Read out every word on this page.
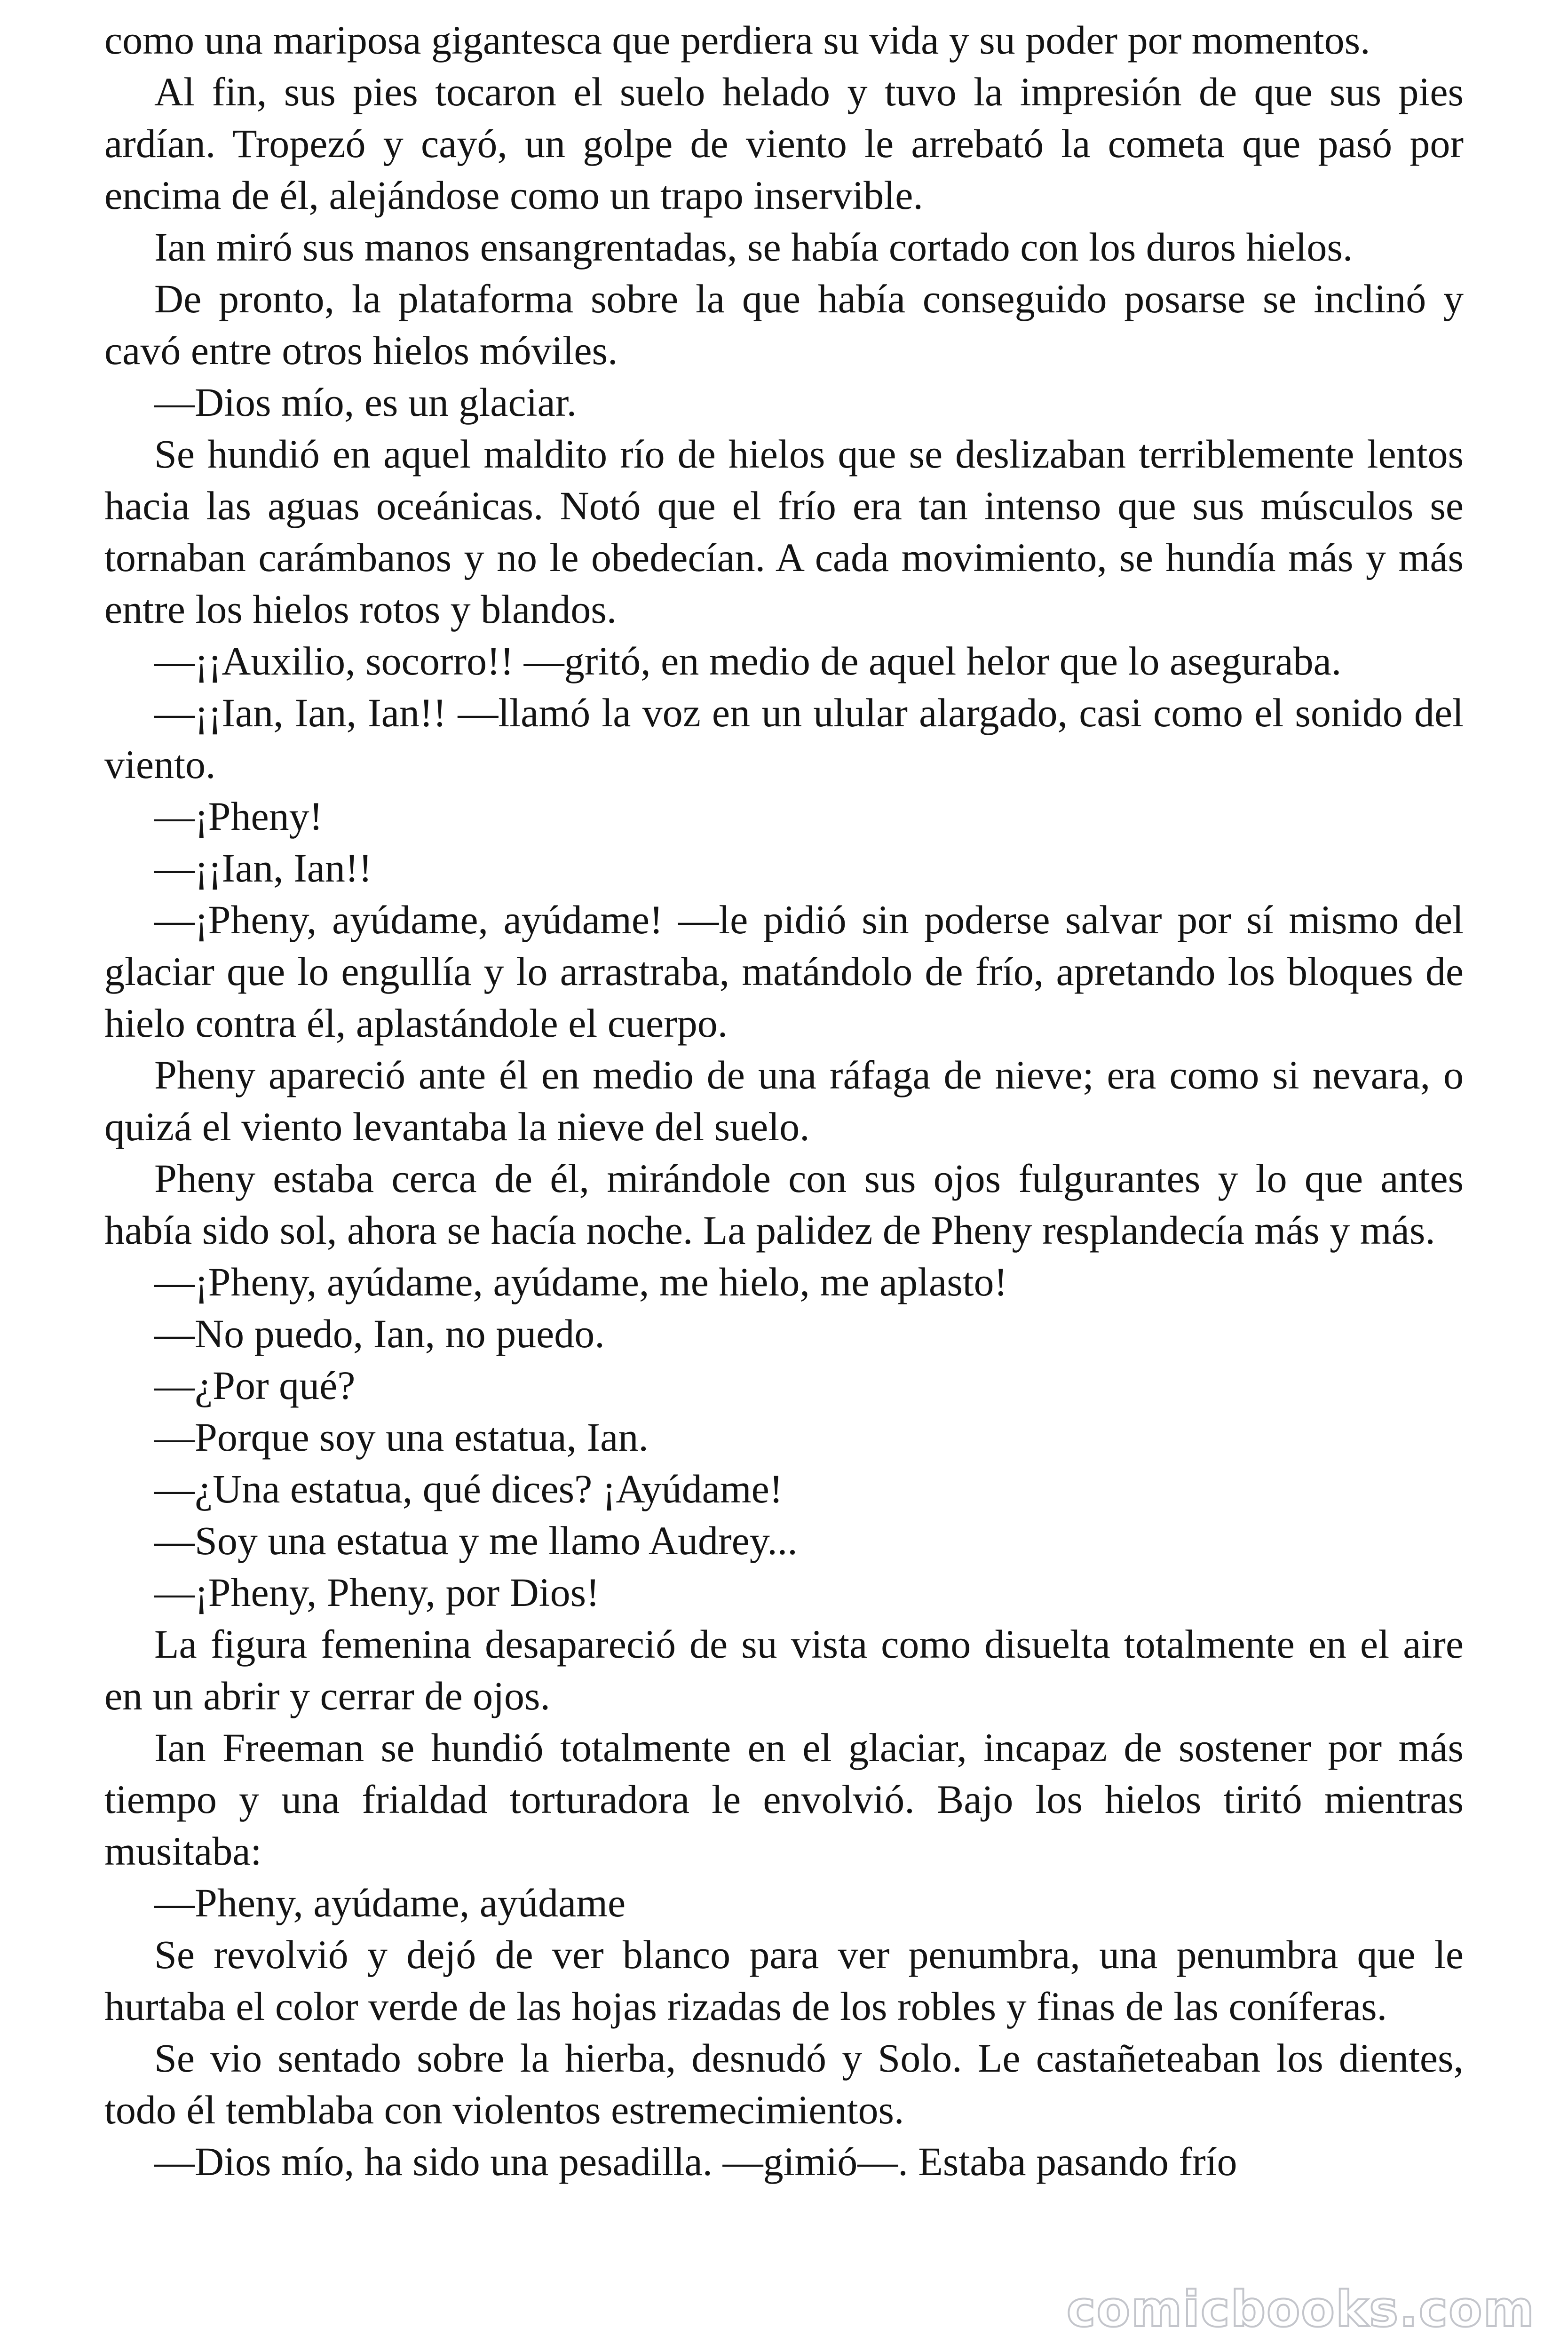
como una mariposa gigantesca que perdiera su vida y su poder por momentos.

Al fin, sus pies tocaron el suelo helado y tuvo la impresión de que sus pies ardían. Tropezó y cayó, un golpe de viento le arrebató la cometa que pasó por encima de él, alejándose como un trapo inservible.

Ian miró sus manos ensangrentadas, se había cortado con los duros hielos.

De pronto, la plataforma sobre la que había conseguido posarse se inclinó y cavó entre otros hielos móviles.

—Dios mío, es un glaciar.

Se hundió en aquel maldito río de hielos que se deslizaban terriblemente lentos hacia las aguas oceánicas. Notó que el frío era tan intenso que sus músculos se tornaban carámbanos y no le obedecían. A cada movimiento, se hundía más y más entre los hielos rotos y blandos.

—¡¡Auxilio, socorro!! —gritó, en medio de aquel helor que lo aseguraba.

—¡¡Ian, Ian, Ian!! —llamó la voz en un ulular alargado, casi como el sonido del viento.

—¡Pheny!

—¡¡Ian, Ian!!

—¡Pheny, ayúdame, ayúdame! —le pidió sin poderse salvar por sí mismo del glaciar que lo engullía y lo arrastraba, matándolo de frío, apretando los bloques de hielo contra él, aplastándole el cuerpo.

Pheny apareció ante él en medio de una ráfaga de nieve; era como si nevara, o quizá el viento levantaba la nieve del suelo.

Pheny estaba cerca de él, mirándole con sus ojos fulgurantes y lo que antes había sido sol, ahora se hacía noche. La palidez de Pheny resplandecía más y más.

—¡Pheny, ayúdame, ayúdame, me hielo, me aplasto!

—No puedo, Ian, no puedo.

—¿Por qué?

—Porque soy una estatua, Ian.

—¿Una estatua, qué dices? ¡Ayúdame!

—Soy una estatua y me llamo Audrey...

—¡Pheny, Pheny, por Dios!

La figura femenina desapareció de su vista como disuelta totalmente en el aire en un abrir y cerrar de ojos.

Ian Freeman se hundió totalmente en el glaciar, incapaz de sostener por más tiempo y una frialdad torturadora le envolvió. Bajo los hielos tiritó mientras musitaba:

—Pheny, ayúdame, ayúdame

Se revolvió y dejó de ver blanco para ver penumbra, una penumbra que le hurtaba el color verde de las hojas rizadas de los robles y finas de las coníferas.

Se vio sentado sobre la hierba, desnudó y Solo. Le castañeteaban los dientes, todo él temblaba con violentos estremecimientos.

—Dios mío, ha sido una pesadilla. —gimió—. Estaba pasando frío

comicbooks.com
